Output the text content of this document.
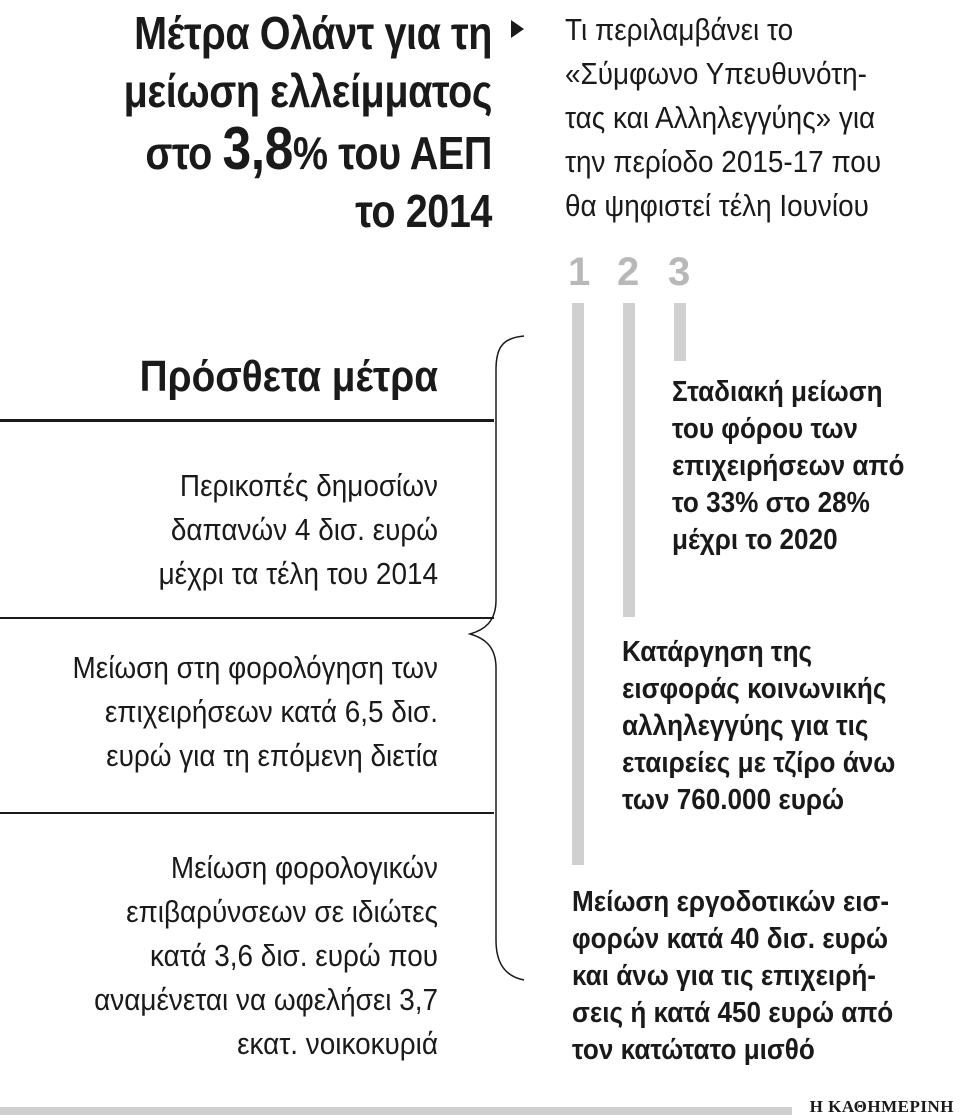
Μέτρα Ολάντ για τη
μείωση ελλείμματος
στο 3,8% του ΑΕΠ
το 2014
Τι περιλαμβάνει το
«Σύμφωνο Υπευθυνότη-
τας και Αλληλεγγύης» για
την περίοδο 2015-17 που
θα ψηφιστεί τέλη Ιουνίου
1 2 3
Πρόσθετα μέτρα
Περικοπές δημοσίων
δαπανών 4 δισ. ευρώ
μέχρι τα τέλη του 2014
Μείωση στη φορολόγηση των
επιχειρήσεων κατά 6,5 δισ.
ευρώ για τη επόμενη διετία
Μείωση φορολογικών
επιβαρύνσεων σε ιδιώτες
κατά 3,6 δισ. ευρώ που
αναμένεται να ωφελήσει 3,7
εκατ. νοικοκυριά
Σταδιακή μείωση
του φόρου των
επιχειρήσεων από
το 33% στο 28%
μέχρι το 2020
Κατάργηση της
εισφοράς κοινωνικής
αλληλεγγύης για τις
εταιρείες με τζίρο άνω
των 760.000 ευρώ
Μείωση εργοδοτικών εισ-
φορών κατά 40 δισ. ευρώ
και άνω για τις επιχειρή-
σεις ή κατά 450 ευρώ από
τον κατώτατο μισθό
Η ΚΑΘΗΜΕΡΙΝΗ
